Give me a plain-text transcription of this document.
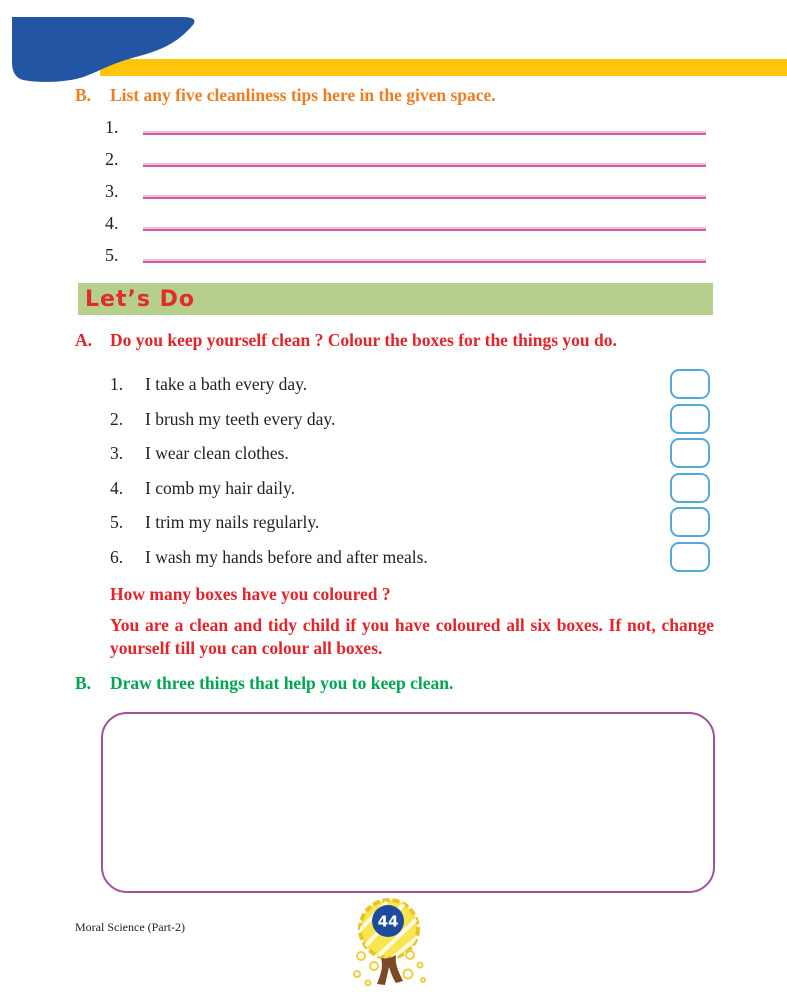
B.	List any five cleanliness tips here in the given space.
1.
2.
3.
4.
5.
Let’s Do
A.	Do you keep yourself clean ? Colour the boxes for the things you do.
1. I take a bath every day.
2. I brush my teeth every day.
3. I wear clean clothes.
4. I comb my hair daily.
5. I trim my nails regularly.
6. I wash my hands before and after meals.
How many boxes have you coloured ?
You are a clean and tidy child if you have coloured all six boxes. If not, change yourself till you can colour all boxes.
B.	Draw three things that help you to keep clean.
Moral Science (Part-2)	44
